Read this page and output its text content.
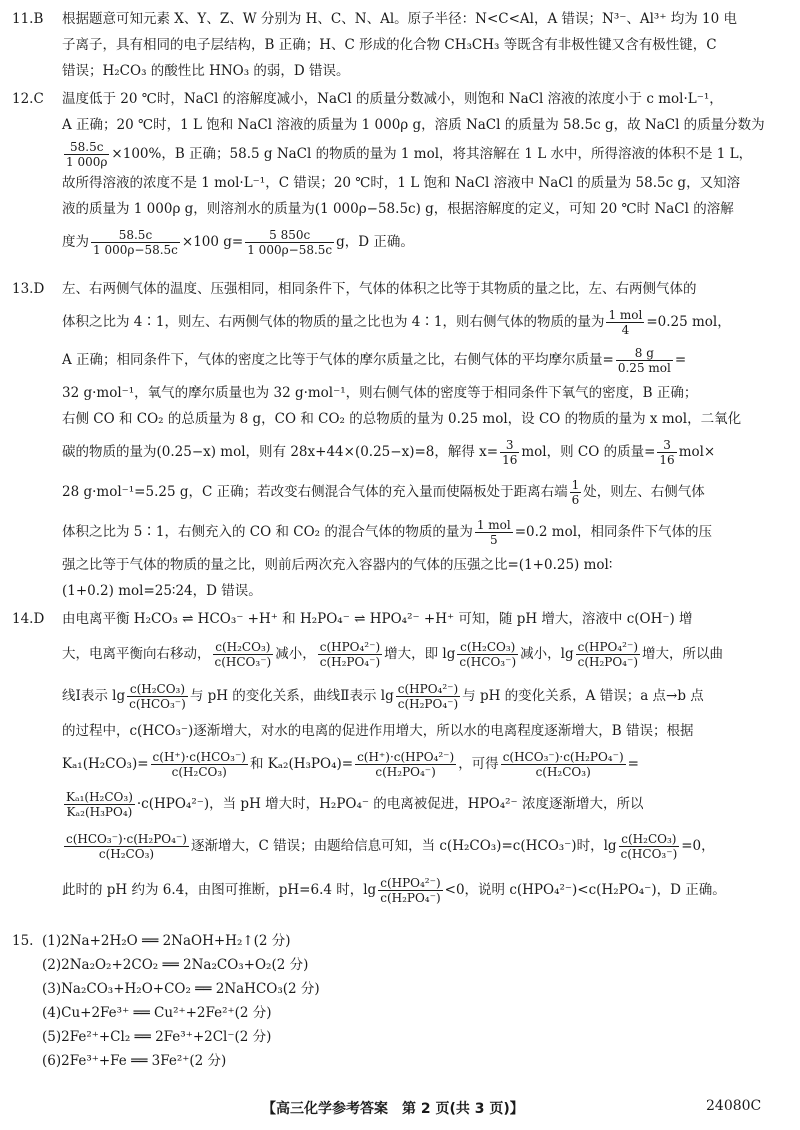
11.B 根据题意可知元素 X、Y、Z、W 分别为 H、C、N、Al。原子半径：N<C<Al，A 错误；N³⁻、Al³⁺ 均为 10 电
子离子，具有相同的电子层结构，B 正确；H、C 形成的化合物 CH₃CH₃ 等既含有非极性键又含有极性键，C
错误；H₂CO₃ 的酸性比 HNO₃ 的弱，D 错误。
12.C 温度低于 20 ℃时，NaCl 的溶解度减小，NaCl 的质量分数减小，则饱和 NaCl 溶液的浓度小于 c mol·L⁻¹，
A 正确；20 ℃时，1 L 饱和 NaCl 溶液的质量为 1 000ρ g，溶质 NaCl 的质量为 58.5c g，故 NaCl 的质量分数为
$\frac{58.5c}{1 000\rho} \times 100\%$，B 正确；58.5 g NaCl 的物质的量为 1 mol，将其溶解在 1 L 水中，所得溶液的体积不是 1 L，
故所得溶液的浓度不是 1 mol·L⁻¹，C 错误；20 ℃时，1 L 饱和 NaCl 溶液中 NaCl 的质量为 58.5c g，又知溶
液的质量为 1 000ρ g，则溶剂水的质量为(1 000ρ−58.5c) g，根据溶解度的定义，可知 20 ℃时 NaCl 的溶解
度为 $\frac{58.5c}{1 000\rho-58.5c} \times 100$ $g= \frac{5 850c}{1 000\rho-58.5c}$ g，D 正确。
13.D 左、右两侧气体的温度、压强相同，相同条件下，气体的体积之比等于其物质的量之比，左、右两侧气体的
体积之比为 4∶1，则左、右两侧气体的物质的量之比也为 4∶1，则右侧气体的物质的量为 $\frac{\text{1 mol}}{4} =0.25$ mol，
A 正确；相同条件下，气体的密度之比等于气体的摩尔质量之比，右侧气体的平均摩尔质量= $\frac{8 g}{\text{0.25 mol}}$ =
32 g·mol⁻¹，氧气的摩尔质量也为 32 g·mol⁻¹，则右侧气体的密度等于相同条件下氧气的密度，B 正确；
右侧 CO 和 CO₂ 的总质量为 8 g，CO 和 CO₂ 的总物质的量为 0.25 mol，设 CO 的物质的量为 x mol，二氧化
碳的物质的量为(0.25−x) mol，则有 28x+44×(0.25−x)=8，解得 $x= \frac{3}{16}$ mol，则 CO 的质量= $\frac{3}{16} mol\times$
28 g·mol⁻¹=5.25 g，C 正确；若改变右侧混合气体的充入量而使隔板处于距离右端 $\frac{1}{6}$ 处，则左、右侧气体
体积之比为 5∶1，右侧充入的 CO 和 CO₂ 的混合气体的物质的量为 $\frac{\text{1 mol}}{5} =0.2$ mol，相同条件下气体的压
强之比等于气体的物质的量之比，则前后两次充入容器内的气体的压强之比=(1+0.25) mol∶
(1+0.2) mol=25∶24，D 错误。
14.D 由电离平衡 H₂CO₃ ⇌ HCO₃⁻ +H⁺ 和 H₂PO₄⁻ ⇌ HPO₄²⁻ +H⁺ 可知，随 pH 增大，溶液中 c(OH⁻) 增
大，电离平衡向右移动， $\frac{\text{c(H₂CO₃)}}{\text{c(HCO₃⁻)}}$ 减小， $\frac{\text{c(HPO₄²⁻)}}{\text{c(H₂PO₄⁻)}}$ 增大，即 $\lg \frac{\text{c(H₂CO₃)}}{\text{c(HCO₃⁻)}}$ 减小，$\lg \frac{\text{c(HPO₄²⁻)}}{\text{c(H₂PO₄⁻)}}$ 增大，所以曲
线Ⅰ表示 $\lg \frac{\text{c(H₂CO₃)}}{\text{c(HCO₃⁻)}}$ 与 pH 的变化关系，曲线Ⅱ表示 $\lg \frac{\text{c(HPO₄²⁻)}}{\text{c(H₂PO₄⁻)}}$ 与 pH 的变化关系，A 错误；a 点→b 点
的过程中，c(HCO₃⁻)逐渐增大，对水的电离的促进作用增大，所以水的电离程度逐渐增大，B 错误；根据
$K_{a1}(H_2CO_3)= \frac{\text{c(H⁺)·c(HCO₃⁻)}}{\text{c(H₂CO₃)}}$ 和 $K_{a2}(H_3PO_4)= \frac{\text{c(H⁺)·c(HPO₄²⁻)}}{\text{c(H₂PO₄⁻)}}$ ，可得 $\frac{\text{c(HCO₃⁻)·c(H₂PO₄⁻)}}{\text{c(H₂CO₃)}}$ =
$\frac{\text{Kₐ₁(H₂CO₃)}}{\text{Kₐ₂(H₃PO₄)}} \cdot c(HPO_4^{2-})$，当 pH 增大时，H₂PO₄⁻ 的电离被促进，HPO₄²⁻ 浓度逐渐增大，所以
$\frac{\text{c(HCO₃⁻)·c(H₂PO₄⁻)}}{\text{c(H₂CO₃)}}$ 逐渐增大，C 错误；由题给信息可知，当 c(H₂CO₃)=c(HCO₃⁻)时，$\lg \frac{\text{c(H₂CO₃)}}{\text{c(HCO₃⁻)}} =0$，
此时的 pH 约为 6.4，由图可推断，pH=6.4 时，$\lg \frac{\text{c(HPO₄²⁻)}}{\text{c(H₂PO₄⁻)}} <0$，说明 c(HPO₄²⁻)<c(H₂PO₄⁻)，D 正确。
15. (1)2Na+2H₂O ══ 2NaOH+H₂↑(2 分)
(2)2Na₂O₂+2CO₂ ══ 2Na₂CO₃+O₂(2 分)
(3)Na₂CO₃+H₂O+CO₂ ══ 2NaHCO₃(2 分)
(4)Cu+2Fe³⁺ ══ Cu²⁺+2Fe²⁺(2 分)
(5)2Fe²⁺+Cl₂ ══ 2Fe³⁺+2Cl⁻(2 分)
(6)2Fe³⁺+Fe ══ 3Fe²⁺(2 分)
【高三化学参考答案　第 2 页(共 3 页)】	24080C
